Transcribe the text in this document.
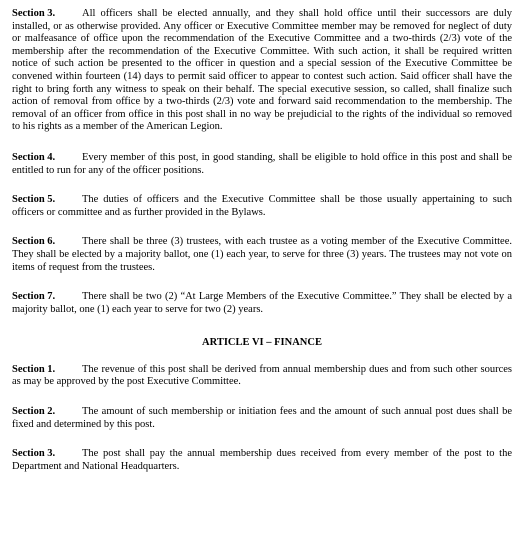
Section 3.	All officers shall be elected annually, and they shall hold office until their successors are duly installed, or as otherwise provided. Any officer or Executive Committee member may be removed for neglect of duty or malfeasance of office upon the recommendation of the Executive Committee and a two-thirds (2/3) vote of the membership after the recommendation of the Executive Committee. With such action, it shall be required written notice of such action be presented to the officer in question and a special session of the Executive Committee be convened within fourteen (14) days to permit said officer to appear to contest such action. Said officer shall have the right to bring forth any witness to speak on their behalf. The special executive session, so called, shall finalize such action of removal from office by a two-thirds (2/3) vote and forward said recommendation to the membership. The removal of an officer from office in this post shall in no way be prejudicial to the rights of the individual so removed to his rights as a member of the American Legion.

Section 4.	Every member of this post, in good standing, shall be eligible to hold office in this post and shall be entitled to run for any of the officer positions.

Section 5.	The duties of officers and the Executive Committee shall be those usually appertaining to such officers or committee and as further provided in the Bylaws.

Section 6.	There shall be three (3) trustees, with each trustee as a voting member of the Executive Committee. They shall be elected by a majority ballot, one (1) each year, to serve for three (3) years. The trustees may not vote on items of request from the trustees.

Section 7.	There shall be two (2) “At Large Members of the Executive Committee.” They shall be elected by a majority ballot, one (1) each year to serve for two (2) years.

ARTICLE VI – FINANCE

Section 1.	The revenue of this post shall be derived from annual membership dues and from such other sources as may be approved by the post Executive Committee.

Section 2.	The amount of such membership or initiation fees and the amount of such annual post dues shall be fixed and determined by this post.

Section 3.	The post shall pay the annual membership dues received from every member of the post to the Department and National Headquarters.
